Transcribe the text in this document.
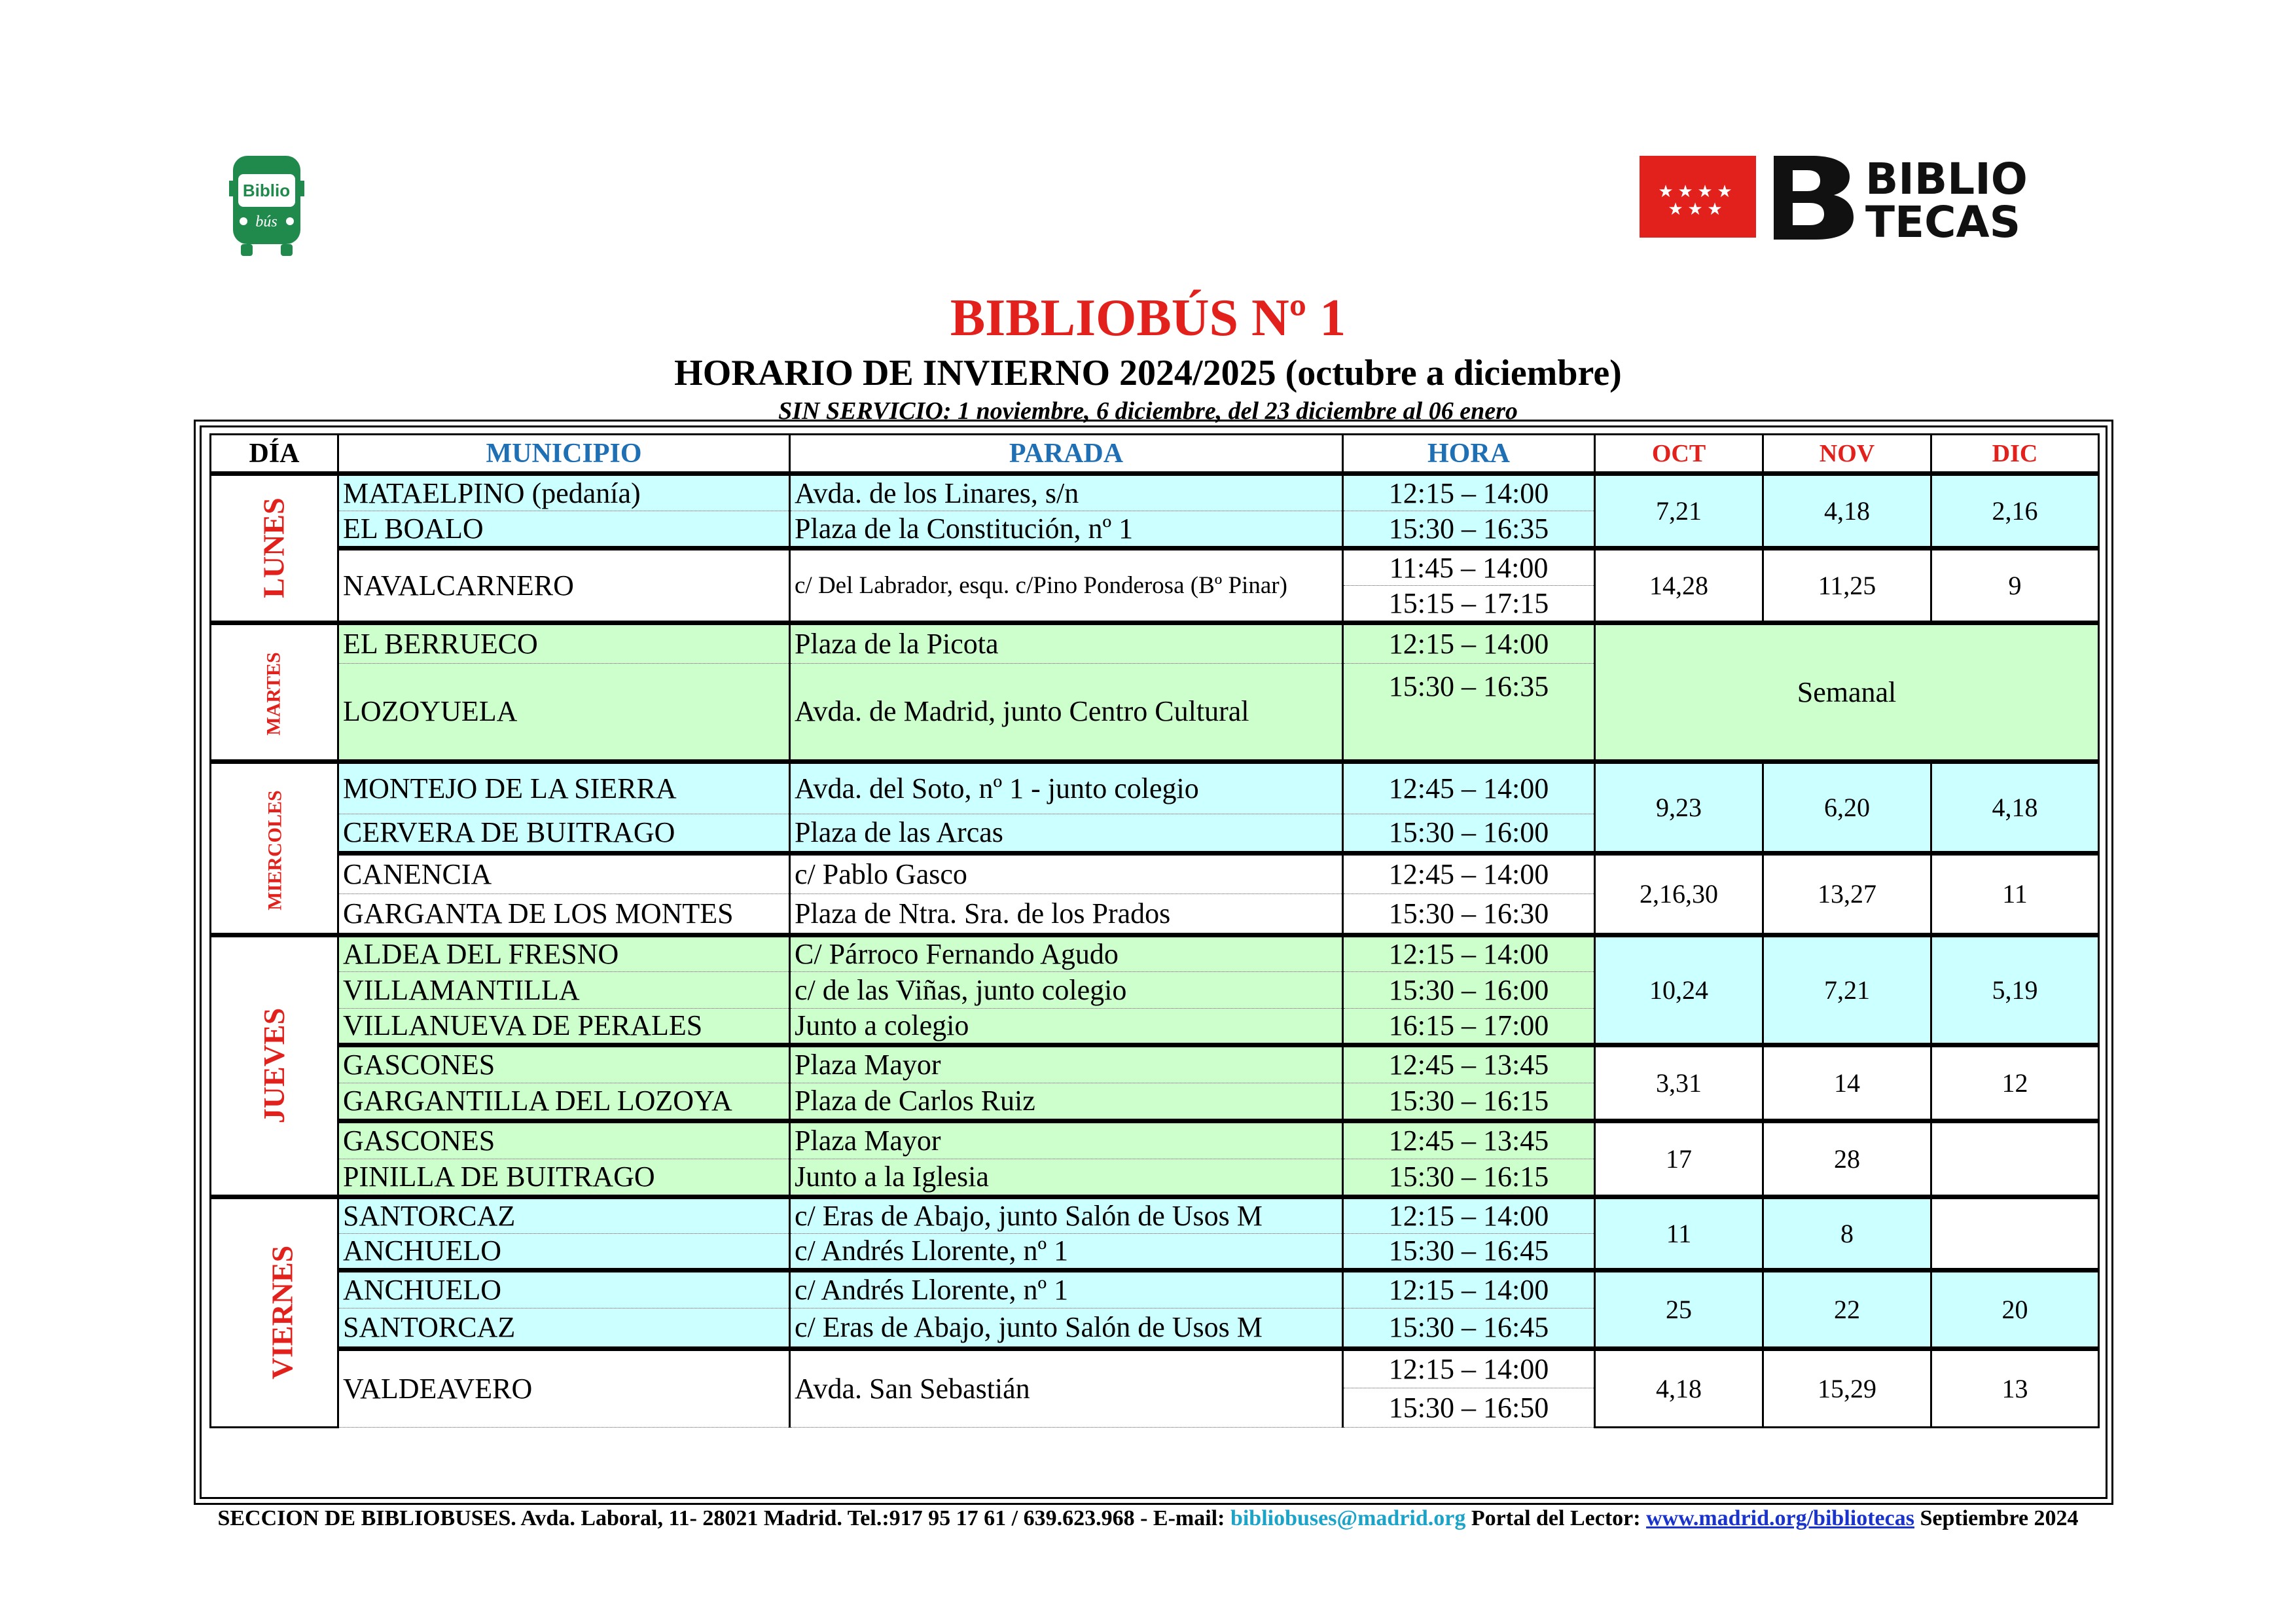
Biblio
bús
★ ★ ★ ★
★ ★ ★
BIBLIO
TECAS
BIBLIOBÚS Nº 1
HORARIO DE INVIERNO 2024/2025 (octubre a diciembre)
SIN SERVICIO: 1 noviembre, 6 diciembre, del 23 diciembre al 06 enero
DÍA	MUNICIPIO	PARADA	HORA	OCT	NOV	DIC
LUNES	MATAELPINO (pedanía)	Avda. de los Linares, s/n	12:15 – 14:00	7,21	4,18	2,16
	EL BOALO	Plaza de la Constitución, nº 1	15:30 – 16:35			
	NAVALCARNERO	c/ Del Labrador, esqu. c/Pino Ponderosa (Bº Pinar)	11:45 – 14:00	14,28	11,25	9
			15:15 – 17:15			
MARTES	EL BERRUECO	Plaza de la Picota	12:15 – 14:00	Semanal		
	LOZOYUELA	Avda. de Madrid, junto Centro Cultural	15:30 – 16:35			
MIERCOLES	MONTEJO DE LA SIERRA	Avda. del Soto, nº 1 - junto colegio	12:45 – 14:00	9,23	6,20	4,18
	CERVERA DE BUITRAGO	Plaza de las Arcas	15:30 – 16:00			
	CANENCIA	c/ Pablo Gasco	12:45 – 14:00	2,16,30	13,27	11
	GARGANTA DE LOS MONTES	Plaza de Ntra. Sra. de los Prados	15:30 – 16:30			
JUEVES	ALDEA DEL FRESNO	C/ Párroco Fernando Agudo	12:15 – 14:00	10,24	7,21	5,19
	VILLAMANTILLA	c/ de las Viñas, junto colegio	15:30 – 16:00			
	VILLANUEVA DE PERALES	Junto a colegio	16:15 – 17:00			
	GASCONES	Plaza Mayor	12:45 – 13:45	3,31	14	12
	GARGANTILLA DEL LOZOYA	Plaza de Carlos Ruiz	15:30 – 16:15			
	GASCONES	Plaza Mayor	12:45 – 13:45	17	28	
	PINILLA DE BUITRAGO	Junto a la Iglesia	15:30 – 16:15			
VIERNES	SANTORCAZ	c/ Eras de Abajo, junto Salón de Usos M	12:15 – 14:00	11	8	
	ANCHUELO	c/ Andrés Llorente, nº 1	15:30 – 16:45			
	ANCHUELO	c/ Andrés Llorente, nº 1	12:15 – 14:00	25	22	20
	SANTORCAZ	c/ Eras de Abajo, junto Salón de Usos M	15:30 – 16:45			
	VALDEAVERO	Avda. San Sebastián	12:15 – 14:00	4,18	15,29	13
			15:30 – 16:50			
SECCION DE BIBLIOBUSES. Avda. Laboral, 11- 28021 Madrid. Tel.:917 95 17 61 / 639.623.968 - E-mail: bibliobuses@madrid.org Portal del Lector: www.madrid.org/bibliotecas Septiembre 2024
